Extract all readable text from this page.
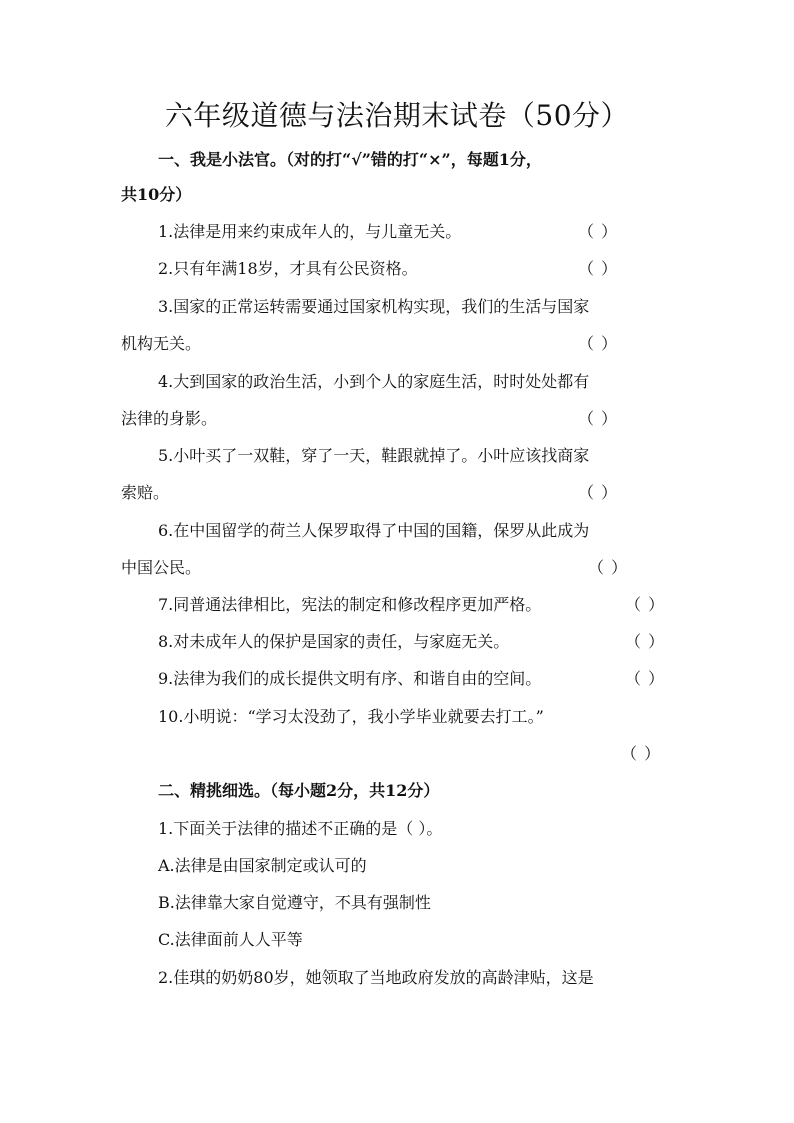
六年级道德与法治期末试卷（50分）
一、我是小法官。（对的打“√”错的打“×”，每题1分，
共10分）
1.法律是用来约束成年人的，与儿童无关。	（ ）
2.只有年满18岁，才具有公民资格。	（ ）
3.国家的正常运转需要通过国家机构实现，我们的生活与国家
机构无关。	（ ）
4.大到国家的政治生活，小到个人的家庭生活，时时处处都有
法律的身影。	（ ）
5.小叶买了一双鞋，穿了一天，鞋跟就掉了。小叶应该找商家
索赔。	（ ）
6.在中国留学的荷兰人保罗取得了中国的国籍，保罗从此成为
中国公民。	（ ）
7.同普通法律相比，宪法的制定和修改程序更加严格。	（ ）
8.对未成年人的保护是国家的责任，与家庭无关。	（ ）
9.法律为我们的成长提供文明有序、和谐自由的空间。	（ ）
10.小明说：“学习太没劲了，我小学毕业就要去打工。”
（ ）
二、精挑细选。（每小题2分，共12分）
1.下面关于法律的描述不正确的是（ ）。
A.法律是由国家制定或认可的
B.法律靠大家自觉遵守，不具有强制性
C.法律面前人人平等
2.佳琪的奶奶80岁，她领取了当地政府发放的高龄津贴，这是
